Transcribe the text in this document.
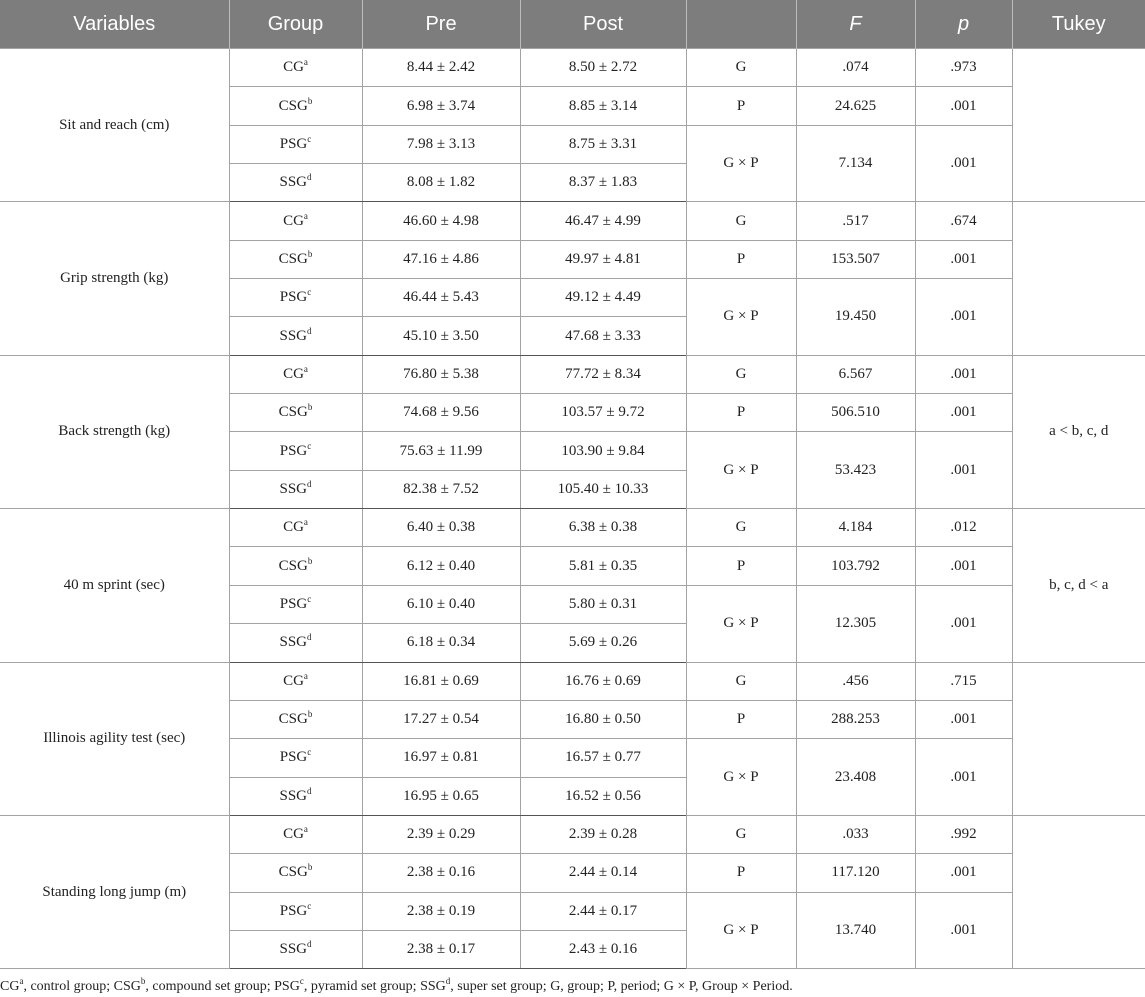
Variables	Group	Pre	Post		F	p	Tukey
Sit and reach (cm)	$CG^a$	8.44 ± 2.42	8.50 ± 2.72	G	.074	.973	
	CSG$^b$	6.98 ± 3.74	8.85 ± 3.14	P	24.625	.001	
	PSG$^c$	7.98 ± 3.13	8.75 ± 3.31	G × P	7.134	.001	
	SSG$^d$	8.08 ± 1.82	8.37 ± 1.83				
Grip strength (kg)	$CG^a$	46.60 ± 4.98	46.47 ± 4.99	G	.517	.674	
	CSG$^b$	47.16 ± 4.86	49.97 ± 4.81	P	153.507	.001	
	PSG$^c$	46.44 ± 5.43	49.12 ± 4.49	G × P	19.450	.001	
	SSG$^d$	45.10 ± 3.50	47.68 ± 3.33				
Back strength (kg)	$CG^a$	76.80 ± 5.38	77.72 ± 8.34	G	6.567	.001	a < b, c, d
	CSG$^b$	74.68 ± 9.56	103.57 ± 9.72	P	506.510	.001	
	PSG$^c$	75.63 ± 11.99	103.90 ± 9.84	G × P	53.423	.001	
	SSG$^d$	82.38 ± 7.52	105.40 ± 10.33				
40 m sprint (sec)	$CG^a$	6.40 ± 0.38	6.38 ± 0.38	G	4.184	.012	b, c, d < a
	CSG$^b$	6.12 ± 0.40	5.81 ± 0.35	P	103.792	.001	
	PSG$^c$	6.10 ± 0.40	5.80 ± 0.31	G × P	12.305	.001	
	SSG$^d$	6.18 ± 0.34	5.69 ± 0.26				
Illinois agility test (sec)	$CG^a$	16.81 ± 0.69	16.76 ± 0.69	G	.456	.715	
	CSG$^b$	17.27 ± 0.54	16.80 ± 0.50	P	288.253	.001	
	PSG$^c$	16.97 ± 0.81	16.57 ± 0.77	G × P	23.408	.001	
	SSG$^d$	16.95 ± 0.65	16.52 ± 0.56				
Standing long jump (m)	$CG^a$	2.39 ± 0.29	2.39 ± 0.28	G	.033	.992	
	CSG$^b$	2.38 ± 0.16	2.44 ± 0.14	P	117.120	.001	
	PSG$^c$	2.38 ± 0.19	2.44 ± 0.17	G × P	13.740	.001	
	SSG$^d$	2.38 ± 0.17	2.43 ± 0.16				
$CG^a$, control group; CSG$^b$, compound set group; PSG$^c$, pyramid set group; SSG$^d$, super set group; G, group; P, period; G × P, Group × Period.
